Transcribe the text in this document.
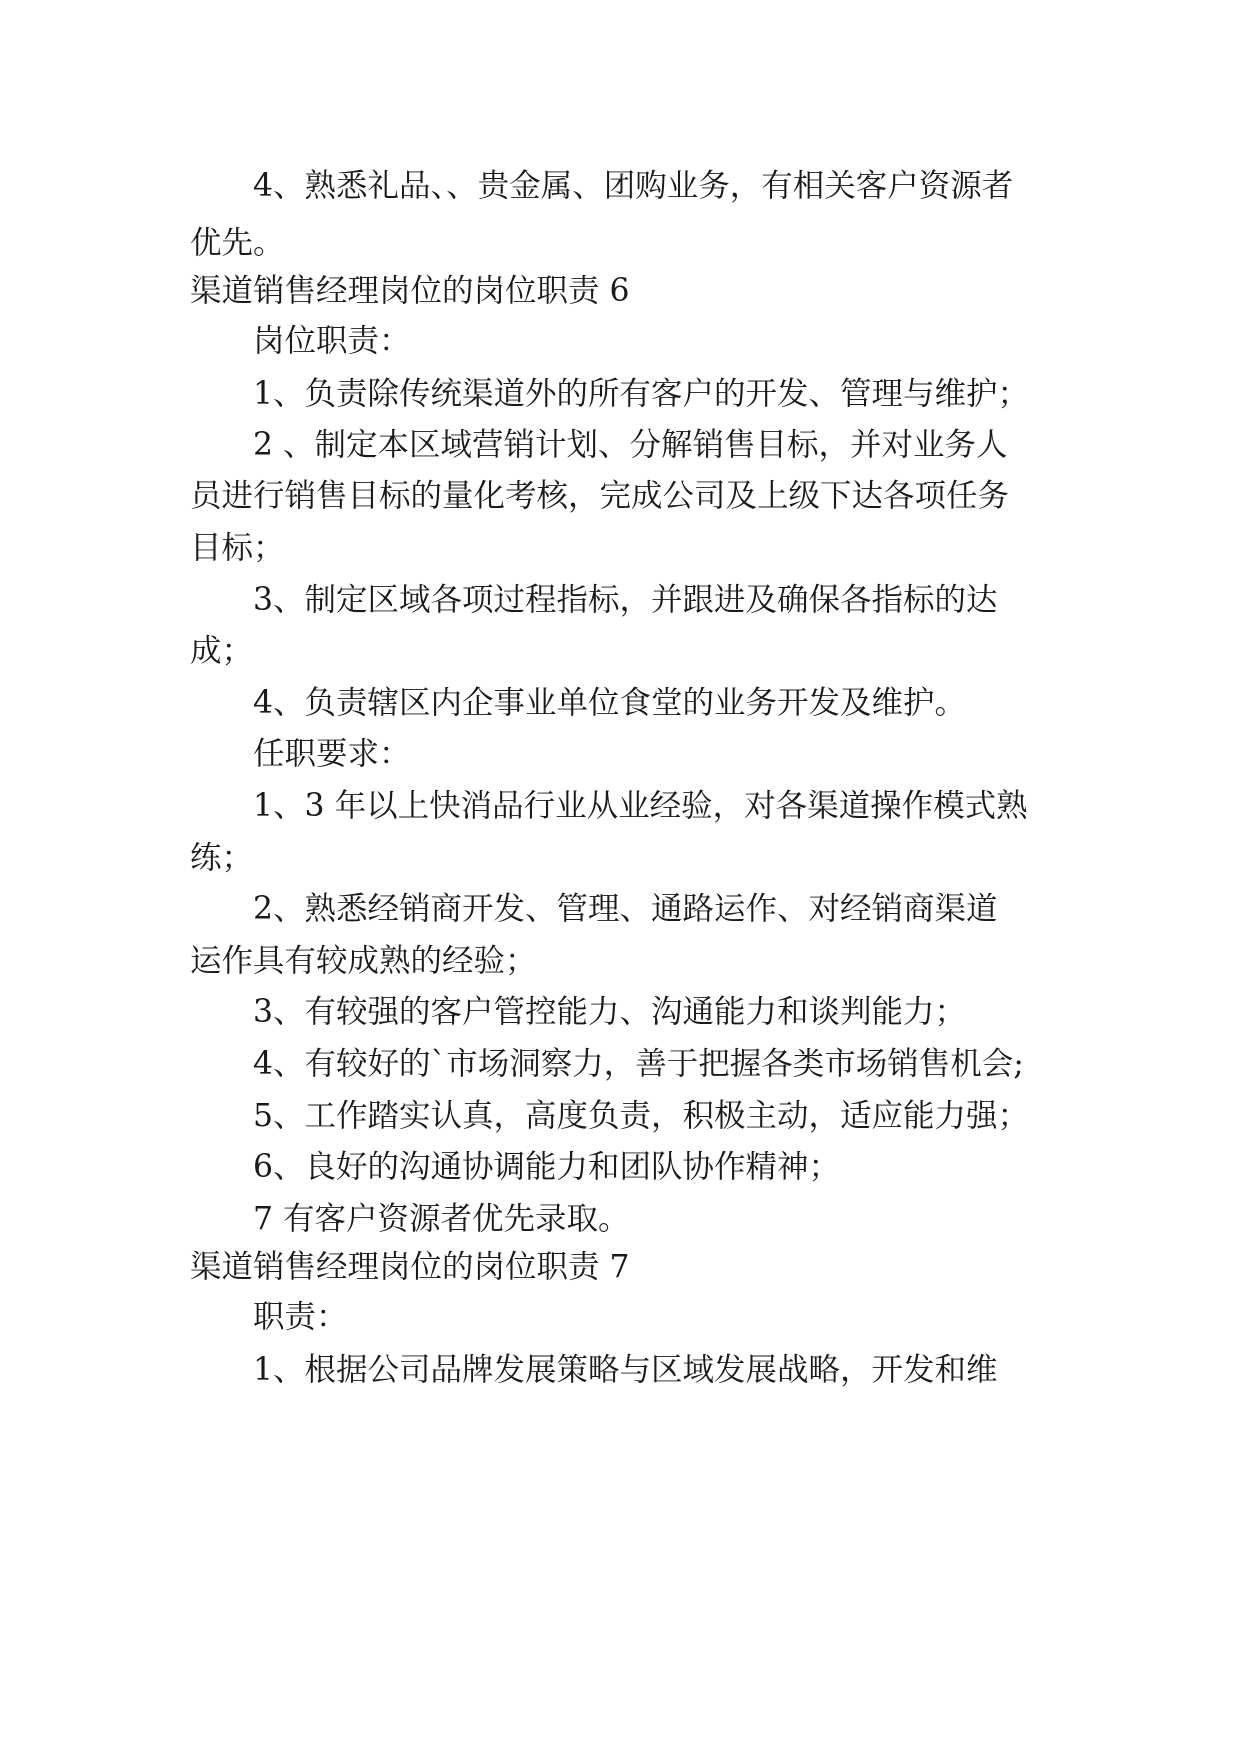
4、熟悉礼品、、贵金属、团购业务，有相关客户资源者

优先。

渠道销售经理岗位的岗位职责 6

岗位职责：

1、负责除传统渠道外的所有客户的开发、管理与维护；

2 、制定本区域营销计划、分解销售目标，并对业务人

员进行销售目标的量化考核，完成公司及上级下达各项任务

目标；

3、制定区域各项过程指标，并跟进及确保各指标的达

成；

4、负责辖区内企事业单位食堂的业务开发及维护。

任职要求：

1、3 年以上快消品行业从业经验，对各渠道操作模式熟

练；

2、熟悉经销商开发、管理、通路运作、对经销商渠道

运作具有较成熟的经验；

3、有较强的客户管控能力、沟通能力和谈判能力；

4、有较好的`市场洞察力，善于把握各类市场销售机会;

5、工作踏实认真，高度负责，积极主动，适应能力强；

6、良好的沟通协调能力和团队协作精神；

7 有客户资源者优先录取。

渠道销售经理岗位的岗位职责 7

职责：

1、根据公司品牌发展策略与区域发展战略，开发和维
